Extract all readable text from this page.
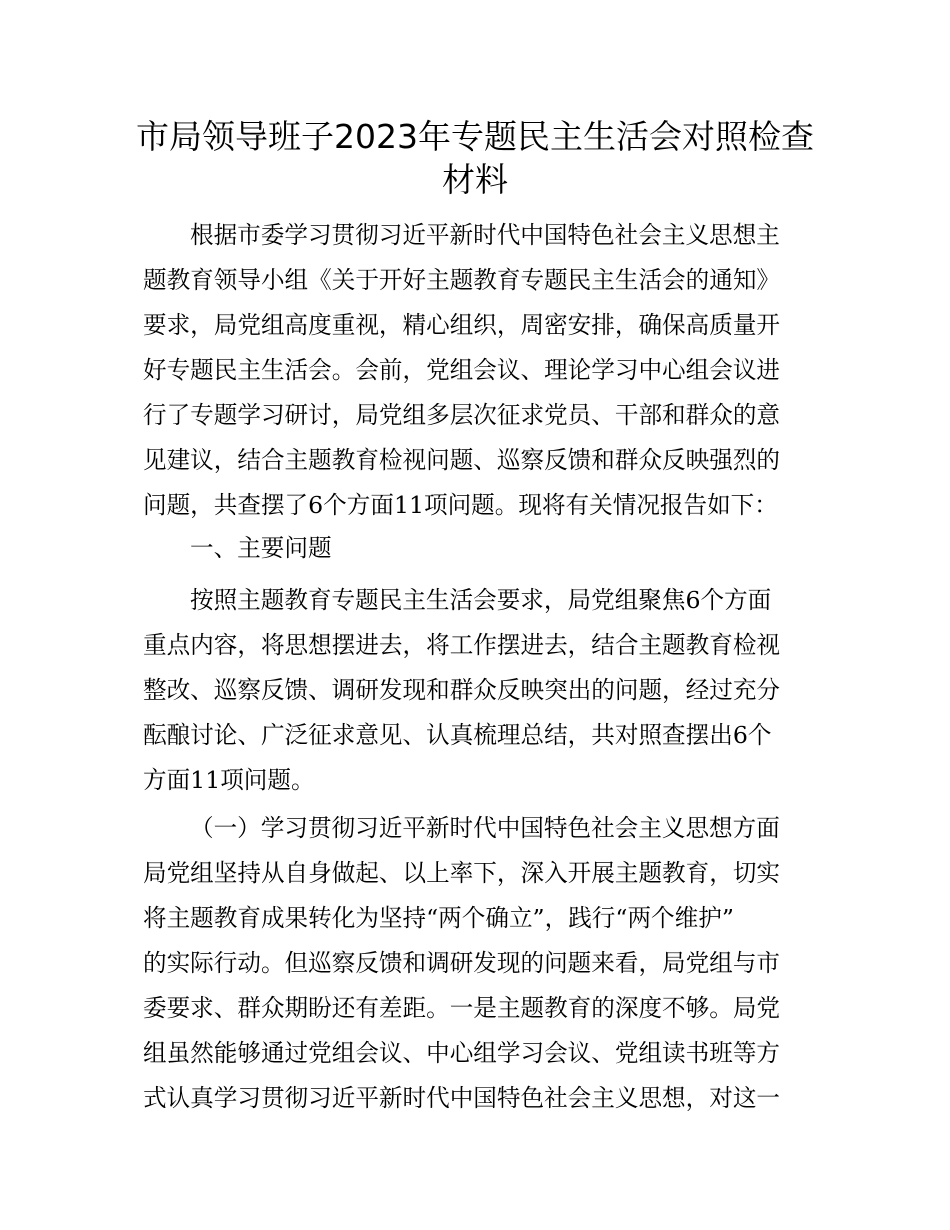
市局领导班子2023年专题民主生活会对照检查
材料
根据市委学习贯彻习近平新时代中国特色社会主义思想主
题教育领导小组《关于开好主题教育专题民主生活会的通知》
要求，局党组高度重视，精心组织，周密安排，确保高质量开
好专题民主生活会。会前，党组会议、理论学习中心组会议进
行了专题学习研讨，局党组多层次征求党员、干部和群众的意
见建议，结合主题教育检视问题、巡察反馈和群众反映强烈的
问题，共查摆了6个方面11项问题。现将有关情况报告如下：
一、主要问题
按照主题教育专题民主生活会要求，局党组聚焦6个方面
重点内容，将思想摆进去，将工作摆进去，结合主题教育检视
整改、巡察反馈、调研发现和群众反映突出的问题，经过充分
酝酿讨论、广泛征求意见、认真梳理总结，共对照查摆出6个
方面11项问题。
（一）学习贯彻习近平新时代中国特色社会主义思想方面
局党组坚持从自身做起、以上率下，深入开展主题教育，切实
将主题教育成果转化为坚持“两个确立”，践行“两个维护”
的实际行动。但巡察反馈和调研发现的问题来看，局党组与市
委要求、群众期盼还有差距。一是主题教育的深度不够。局党
组虽然能够通过党组会议、中心组学习会议、党组读书班等方
式认真学习贯彻习近平新时代中国特色社会主义思想，对这一
